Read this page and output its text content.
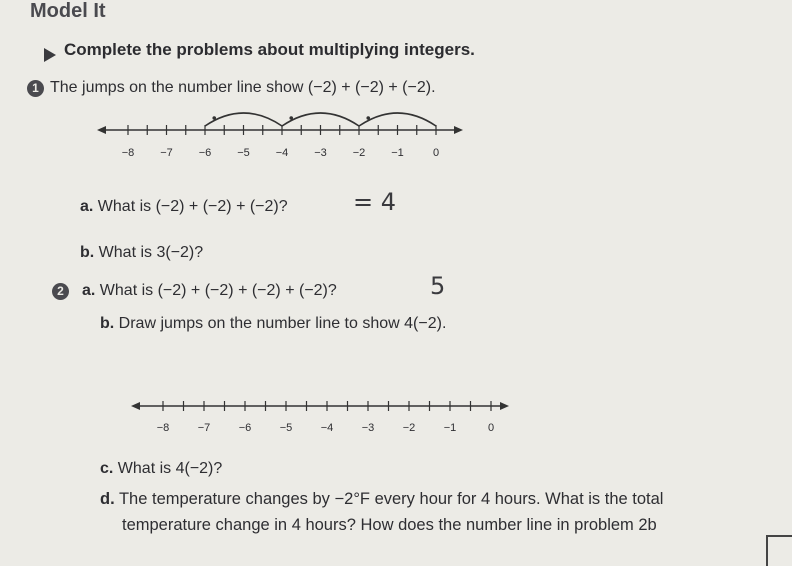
Model It
Complete the problems about multiplying integers.
1 The jumps on the number line show (−2) + (−2) + (−2).
−8 −7 −6 −5 −4 −3 −2 −1	0
a. What is (−2) + (−2) + (−2)?	= 4
b. What is 3(−2)?
2	a. What is (−2) + (−2) + (−2) + (−2)?	5
b. Draw jumps on the number line to show 4(−2).
−8	−7	−6	−5	−4	−3	−2	−1	0
c. What is 4(−2)?
d. The temperature changes by −2°F every hour for 4 hours. What is the total
temperature change in 4 hours? How does the number line in problem 2b
